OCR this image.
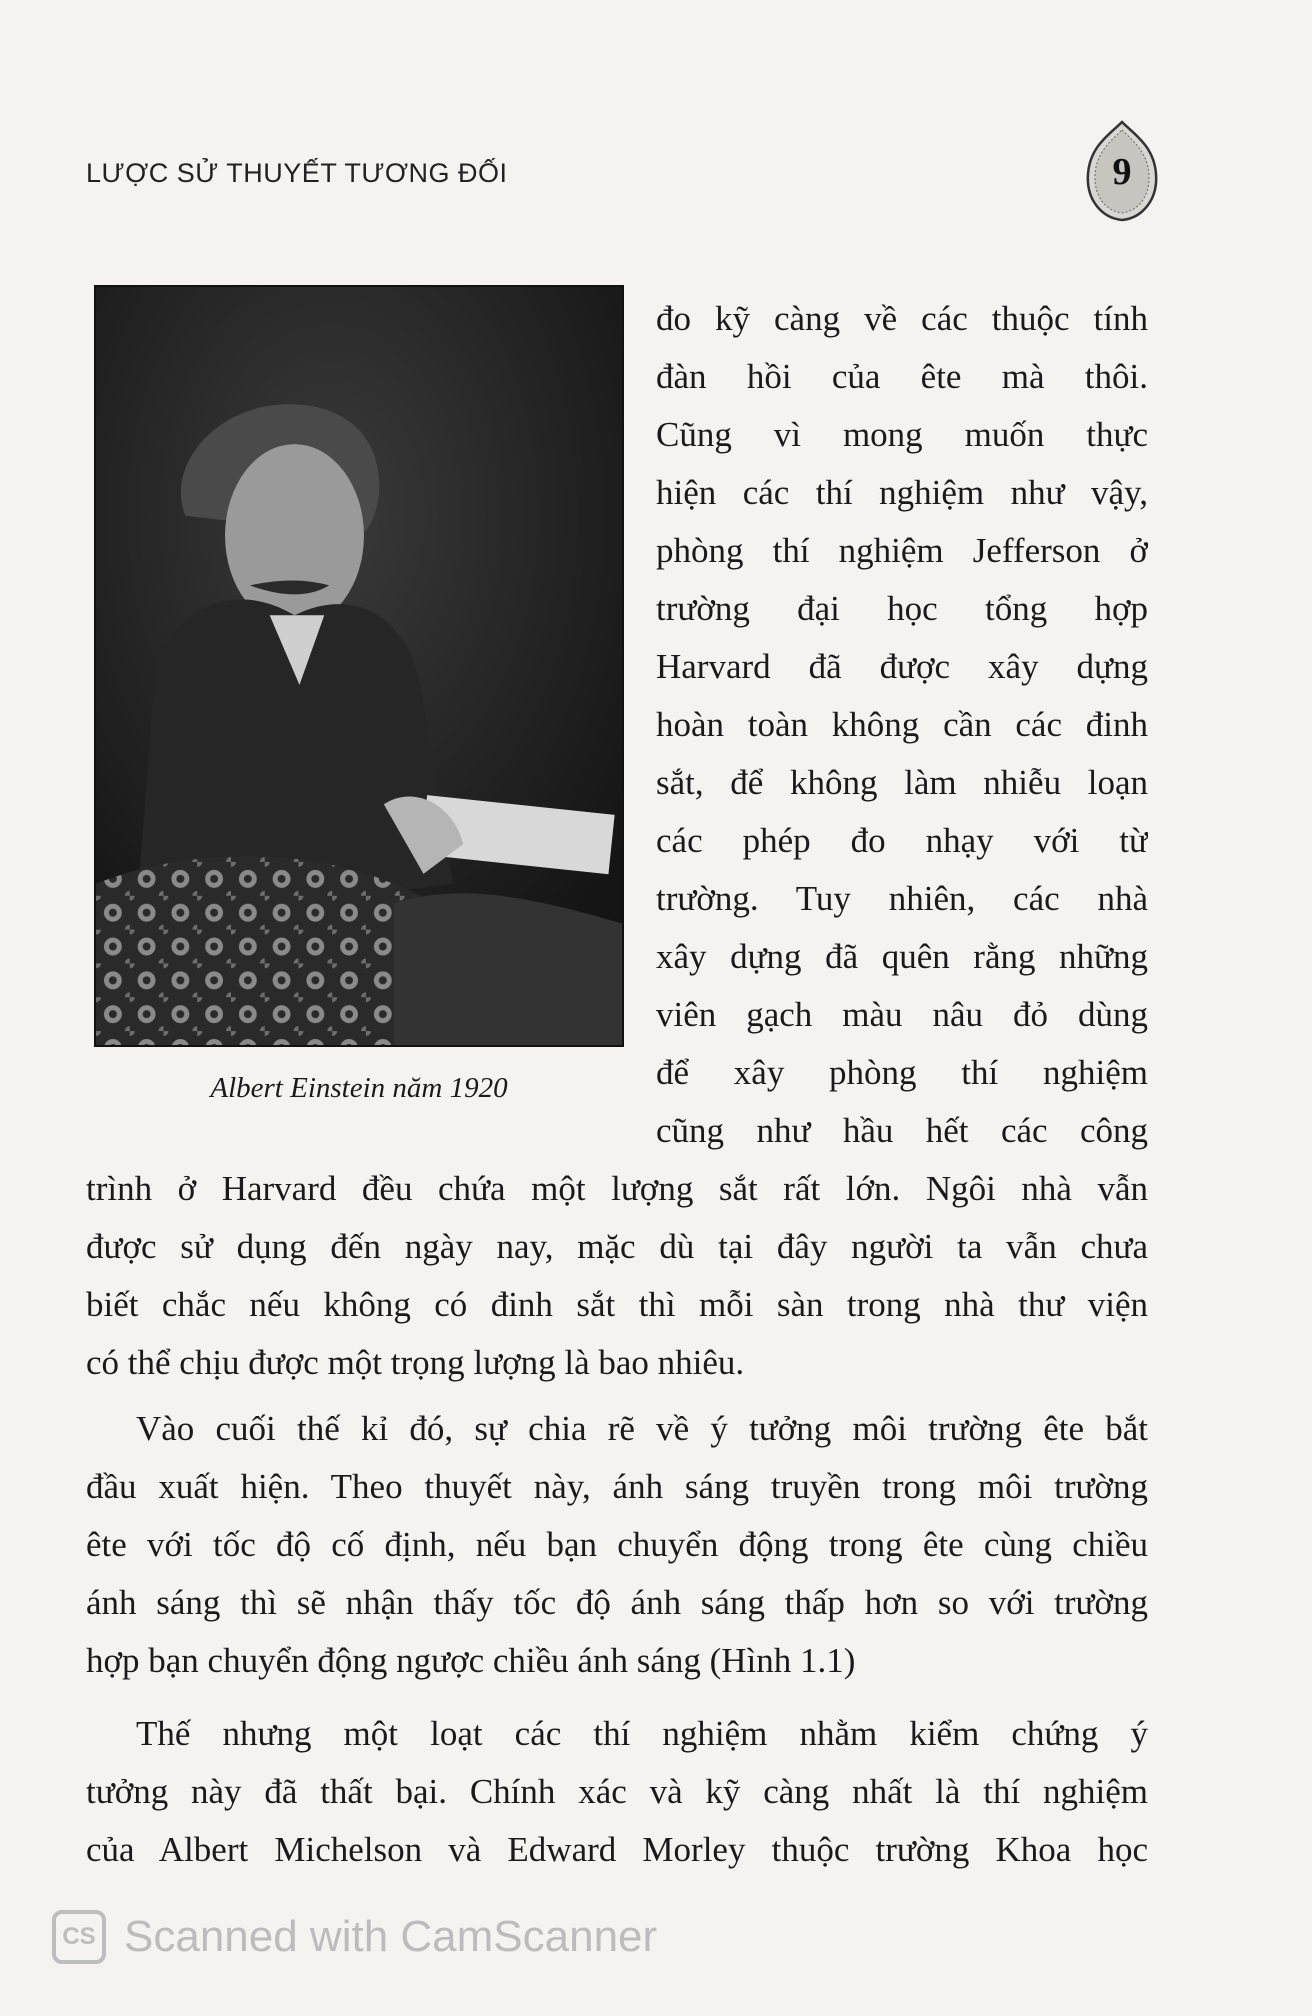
LƯỢC SỬ THUYẾT TƯƠNG ĐỐI	9
Albert Einstein năm 1920
đo kỹ càng về các thuộc tính
đàn hồi của ête mà thôi.
Cũng vì mong muốn thực
hiện các thí nghiệm như vậy,
phòng thí nghiệm Jefferson ở
trường đại học tổng hợp
Harvard đã được xây dựng
hoàn toàn không cần các đinh
sắt, để không làm nhiễu loạn
các phép đo nhạy với từ
trường. Tuy nhiên, các nhà
xây dựng đã quên rằng những
viên gạch màu nâu đỏ dùng
để xây phòng thí nghiệm
cũng như hầu hết các công
trình ở Harvard đều chứa một lượng sắt rất lớn. Ngôi nhà vẫn
được sử dụng đến ngày nay, mặc dù tại đây người ta vẫn chưa
biết chắc nếu không có đinh sắt thì mỗi sàn trong nhà thư viện
có thể chịu được một trọng lượng là bao nhiêu.
Vào cuối thế kỉ đó, sự chia rẽ về ý tưởng môi trường ête bắt
đầu xuất hiện. Theo thuyết này, ánh sáng truyền trong môi trường
ête với tốc độ cố định, nếu bạn chuyển động trong ête cùng chiều
ánh sáng thì sẽ nhận thấy tốc độ ánh sáng thấp hơn so với trường
hợp bạn chuyển động ngược chiều ánh sáng (Hình 1.1)
Thế nhưng một loạt các thí nghiệm nhằm kiểm chứng ý
tưởng này đã thất bại. Chính xác và kỹ càng nhất là thí nghiệm
của Albert Michelson và Edward Morley thuộc trường Khoa học
CS Scanned with CamScanner
